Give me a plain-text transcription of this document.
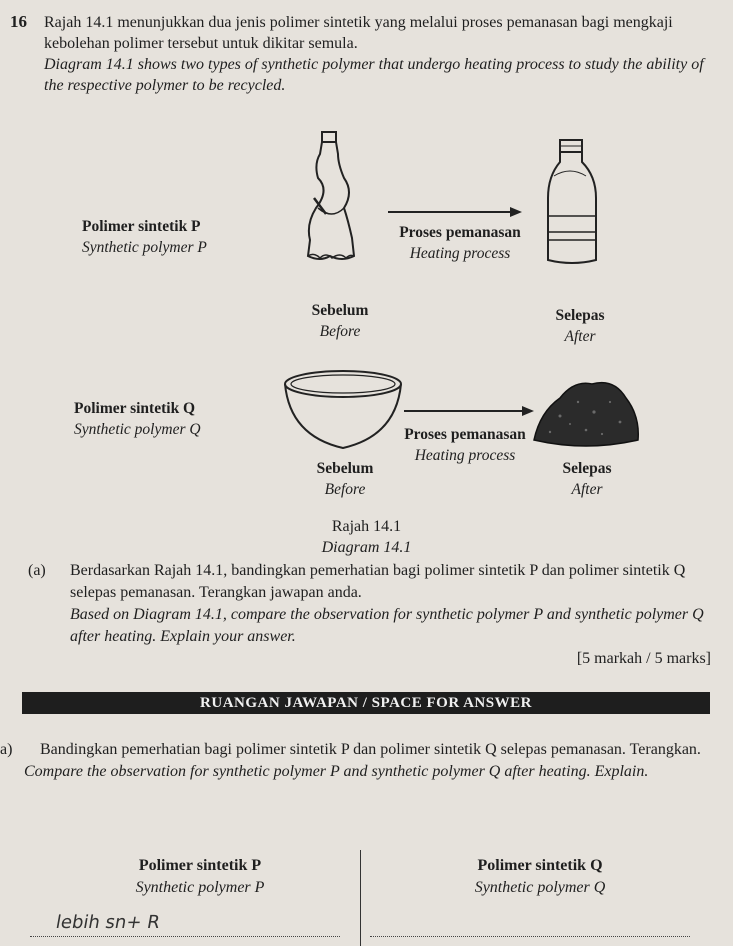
16 Rajah 14.1 menunjukkan dua jenis polimer sintetik yang melalui proses pemanasan bagi mengkaji kebolehan polimer tersebut untuk dikitar semula.
Diagram 14.1 shows two types of synthetic polymer that undergo heating process to study the ability of the respective polymer to be recycled.
Polimer sintetik P
Synthetic polymer P
Proses pemanasan
Heating process
Sebelum
Before
Selepas
After
Polimer sintetik Q
Synthetic polymer Q	Proses pemanasan
Heating process
Sebelum
Before
Selepas
After
Rajah 14.1
Diagram 14.1
(a) Berdasarkan Rajah 14.1, bandingkan pemerhatian bagi polimer sintetik P dan polimer sintetik Q selepas pemanasan. Terangkan jawapan anda.
Based on Diagram 14.1, compare the observation for synthetic polymer P and synthetic polymer Q after heating. Explain your answer.
[5 markah / 5 marks]
RUANGAN JAWAPAN / SPACE FOR ANSWER
a) Bandingkan pemerhatian bagi polimer sintetik P dan polimer sintetik Q selepas pemanasan. Terangkan.
Compare the observation for synthetic polymer P and synthetic polymer Q after heating. Explain.
Polimer sintetik P
Synthetic polymer P
Polimer sintetik Q
Synthetic polymer Q
lebih sn+ R
